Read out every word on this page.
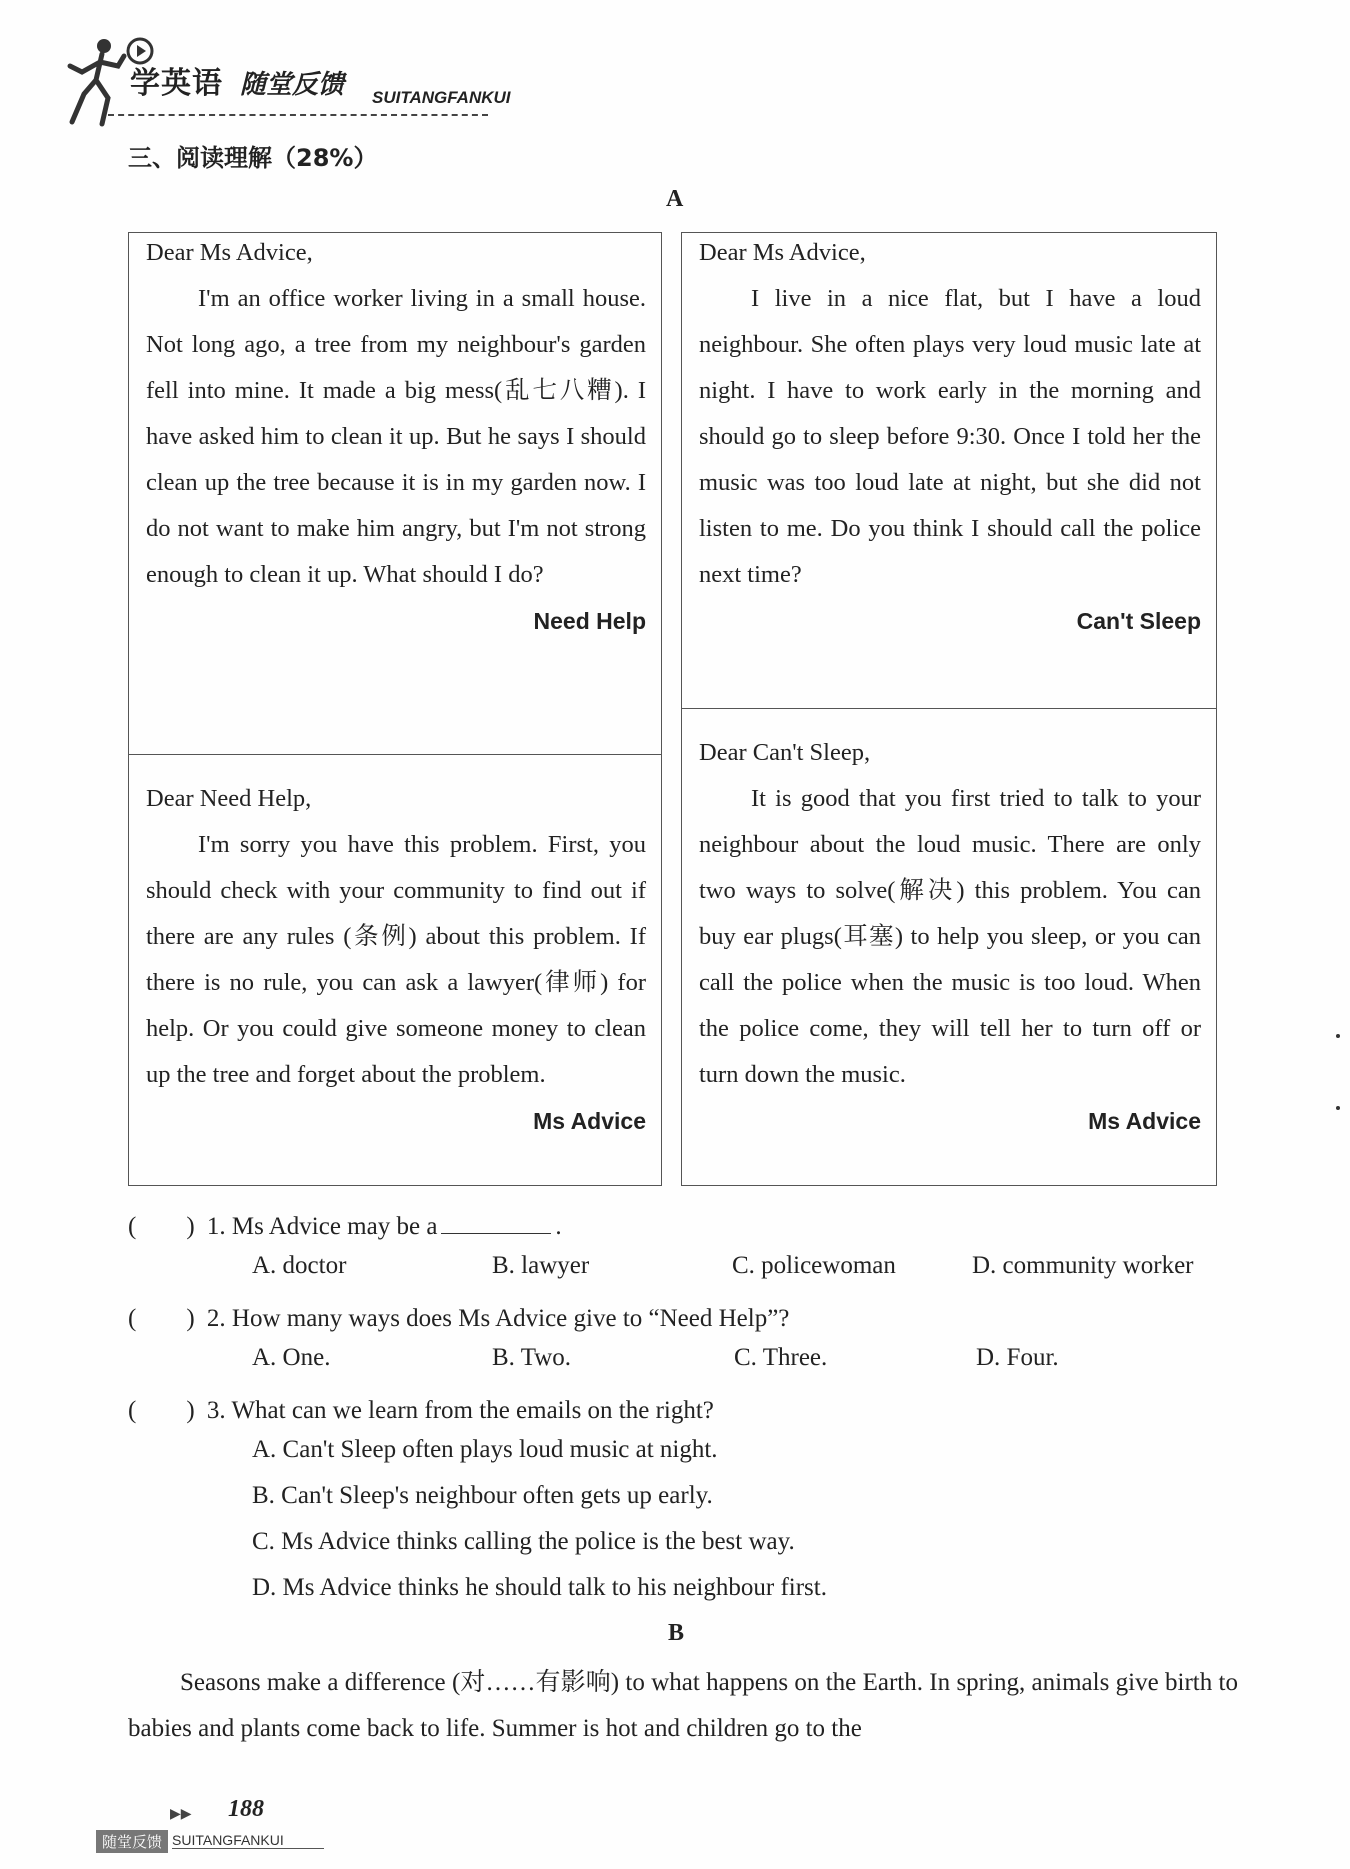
学英语 随堂反馈 SUITANGFANKUI
三、阅读理解（28%）
A
Dear Ms Advice,
I'm an office worker living in a small house. Not long ago, a tree from my neighbour's garden fell into mine. It made a big mess(乱七八糟). I have asked him to clean it up. But he says I should clean up the tree because it is in my garden now. I do not want to make him angry, but I'm not strong enough to clean it up. What should I do?
Need Help
Dear Need Help,
I'm sorry you have this problem. First, you should check with your community to find out if there are any rules (条例) about this problem. If there is no rule, you can ask a lawyer(律师) for help. Or you could give someone money to clean up the tree and forget about the problem.
Ms Advice
Dear Ms Advice,
I live in a nice flat, but I have a loud neighbour. She often plays very loud music late at night. I have to work early in the morning and should go to sleep before 9:30. Once I told her the music was too loud late at night, but she did not listen to me. Do you think I should call the police next time?
Can't Sleep
Dear Can't Sleep,
It is good that you first tried to talk to your neighbour about the loud music. There are only two ways to solve(解决) this problem. You can buy ear plugs(耳塞) to help you sleep, or you can call the police when the music is too loud. When the police come, they will tell her to turn off or turn down the music.
Ms Advice
(　　) 1. Ms Advice may be a	.
A. doctor	B. lawyer	C. policewoman	D. community worker
(　　) 2. How many ways does Ms Advice give to “Need Help”?
A. One.	B. Two.	C. Three.	D. Four.
(　　) 3. What can we learn from the emails on the right?
A. Can't Sleep often plays loud music at night.
B. Can't Sleep's neighbour often gets up early.
C. Ms Advice thinks calling the police is the best way.
D. Ms Advice thinks he should talk to his neighbour first.
B
Seasons make a difference (对……有影响) to what happens on the Earth. In spring, animals give birth to babies and plants come back to life. Summer is hot and children go to the
▶▶ 188
随堂反馈 SUITANGFANKUI
